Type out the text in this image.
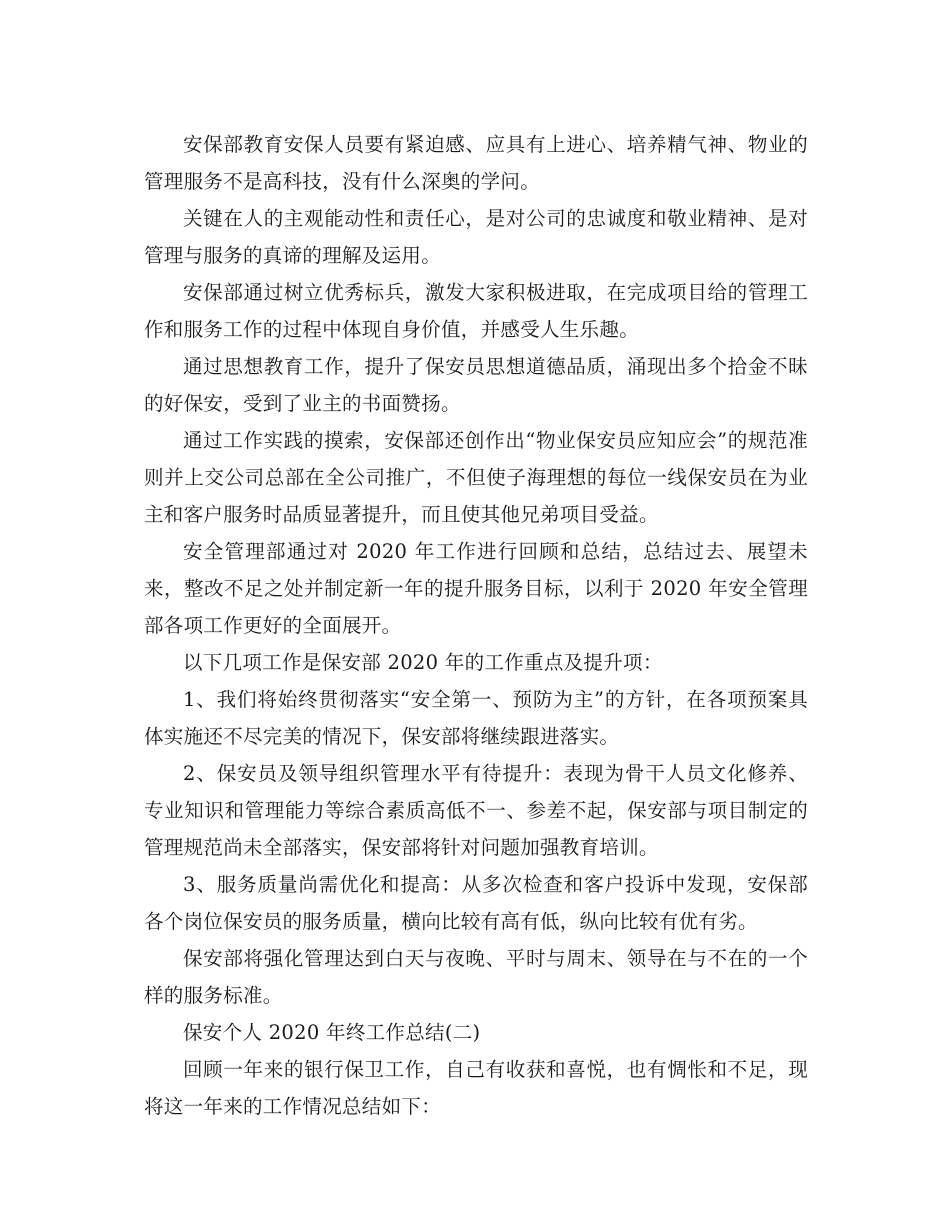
安保部教育安保人员要有紧迫感、应具有上进心、培养精气神、物业的管理服务不是高科技，没有什么深奥的学问。

关键在人的主观能动性和责任心，是对公司的忠诚度和敬业精神、是对管理与服务的真谛的理解及运用。

安保部通过树立优秀标兵，激发大家积极进取，在完成项目给的管理工作和服务工作的过程中体现自身价值，并感受人生乐趣。

通过思想教育工作，提升了保安员思想道德品质，涌现出多个拾金不昧的好保安，受到了业主的书面赞扬。

通过工作实践的摸索，安保部还创作出“物业保安员应知应会”的规范准则并上交公司总部在全公司推广，不但使子海理想的每位一线保安员在为业主和客户服务时品质显著提升，而且使其他兄弟项目受益。

安全管理部通过对 2020 年工作进行回顾和总结，总结过去、展望未来，整改不足之处并制定新一年的提升服务目标，以利于 2020 年安全管理部各项工作更好的全面展开。

以下几项工作是保安部 2020 年的工作重点及提升项：

1、我们将始终贯彻落实“安全第一、预防为主”的方针，在各项预案具体实施还不尽完美的情况下，保安部将继续跟进落实。

2、保安员及领导组织管理水平有待提升：表现为骨干人员文化修养、专业知识和管理能力等综合素质高低不一、参差不起，保安部与项目制定的管理规范尚未全部落实，保安部将针对问题加强教育培训。

3、服务质量尚需优化和提高：从多次检查和客户投诉中发现，安保部各个岗位保安员的服务质量，横向比较有高有低，纵向比较有优有劣。

保安部将强化管理达到白天与夜晚、平时与周末、领导在与不在的一个样的服务标准。

保安个人 2020 年终工作总结(二)

回顾一年来的银行保卫工作，自己有收获和喜悦，也有惆怅和不足，现将这一年来的工作情况总结如下：
